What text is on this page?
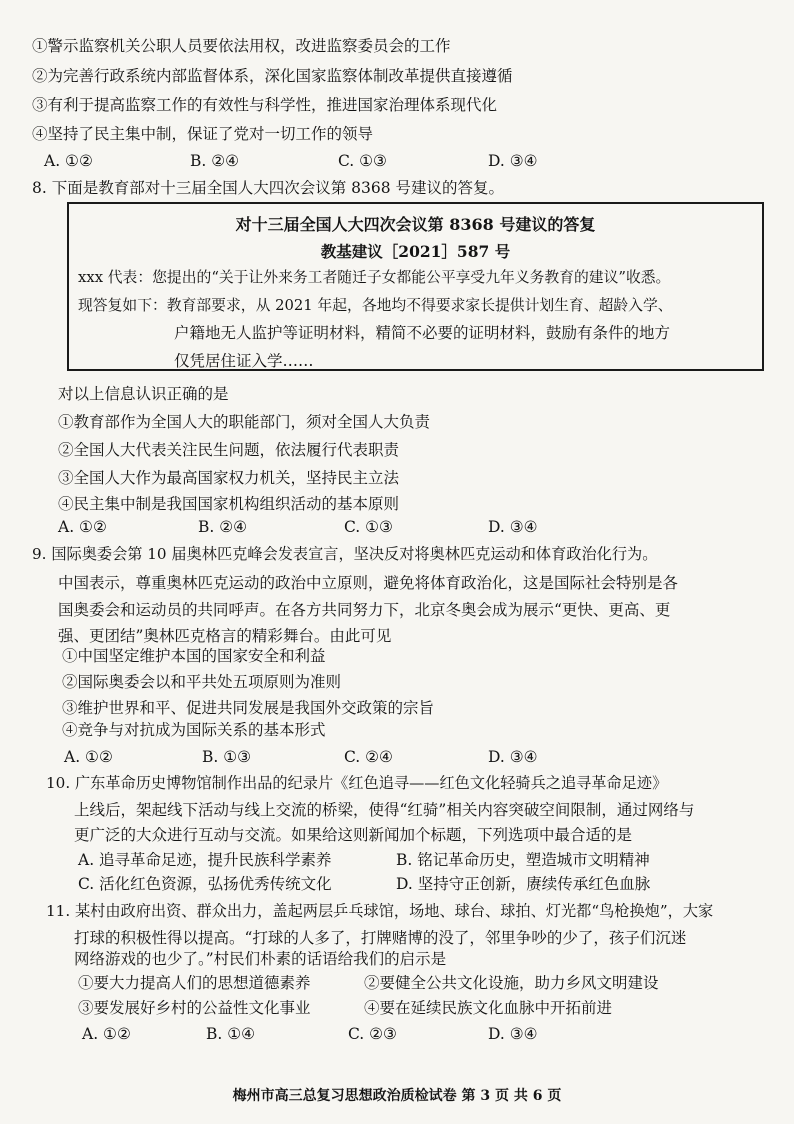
①警示监察机关公职人员要依法用权，改进监察委员会的工作
②为完善行政系统内部监督体系，深化国家监察体制改革提供直接遵循
③有利于提高监察工作的有效性与科学性，推进国家治理体系现代化
④坚持了民主集中制，保证了党对一切工作的领导
A. ①②	B. ②④	C. ①③	D. ③④
8. 下面是教育部对十三届全国人大四次会议第 8368 号建议的答复。
对十三届全国人大四次会议第 8368 号建议的答复
教基建议［2021］587 号
xxx 代表：您提出的“关于让外来务工者随迁子女都能公平享受九年义务教育的建议”收悉。
现答复如下：教育部要求，从 2021 年起，各地均不得要求家长提供计划生育、超龄入学、
户籍地无人监护等证明材料，精简不必要的证明材料，鼓励有条件的地方
仅凭居住证入学……
对以上信息认识正确的是
①教育部作为全国人大的职能部门，须对全国人大负责
②全国人大代表关注民生问题，依法履行代表职责
③全国人大作为最高国家权力机关，坚持民主立法
④民主集中制是我国国家机构组织活动的基本原则
A. ①②	B. ②④	C. ①③	D. ③④
9. 国际奥委会第 10 届奥林匹克峰会发表宣言，坚决反对将奥林匹克运动和体育政治化行为。
中国表示，尊重奥林匹克运动的政治中立原则，避免将体育政治化，这是国际社会特别是各
国奥委会和运动员的共同呼声。在各方共同努力下，北京冬奥会成为展示“更快、更高、更
强、更团结”奥林匹克格言的精彩舞台。由此可见
①中国坚定维护本国的国家安全和利益
②国际奥委会以和平共处五项原则为准则
③维护世界和平、促进共同发展是我国外交政策的宗旨
④竞争与对抗成为国际关系的基本形式
A. ①②	B. ①③	C. ②④	D. ③④
10. 广东革命历史博物馆制作出品的纪录片《红色追寻——红色文化轻骑兵之追寻革命足迹》
上线后，架起线下活动与线上交流的桥梁，使得“红骑”相关内容突破空间限制，通过网络与
更广泛的大众进行互动与交流。如果给这则新闻加个标题，下列选项中最合适的是
A. 追寻革命足迹，提升民族科学素养	B. 铭记革命历史，塑造城市文明精神
C. 活化红色资源，弘扬优秀传统文化	D. 坚持守正创新，赓续传承红色血脉
11. 某村由政府出资、群众出力，盖起两层乒乓球馆，场地、球台、球拍、灯光都“鸟枪换炮”，大家
打球的积极性得以提高。“打球的人多了，打牌赌博的没了，邻里争吵的少了，孩子们沉迷
网络游戏的也少了。”村民们朴素的话语给我们的启示是
①要大力提高人们的思想道德素养	②要健全公共文化设施，助力乡风文明建设
③要发展好乡村的公益性文化事业	④要在延续民族文化血脉中开拓前进
A. ①②	B. ①④	C. ②③	D. ③④
梅州市高三总复习思想政治质检试卷 第 3 页 共 6 页
